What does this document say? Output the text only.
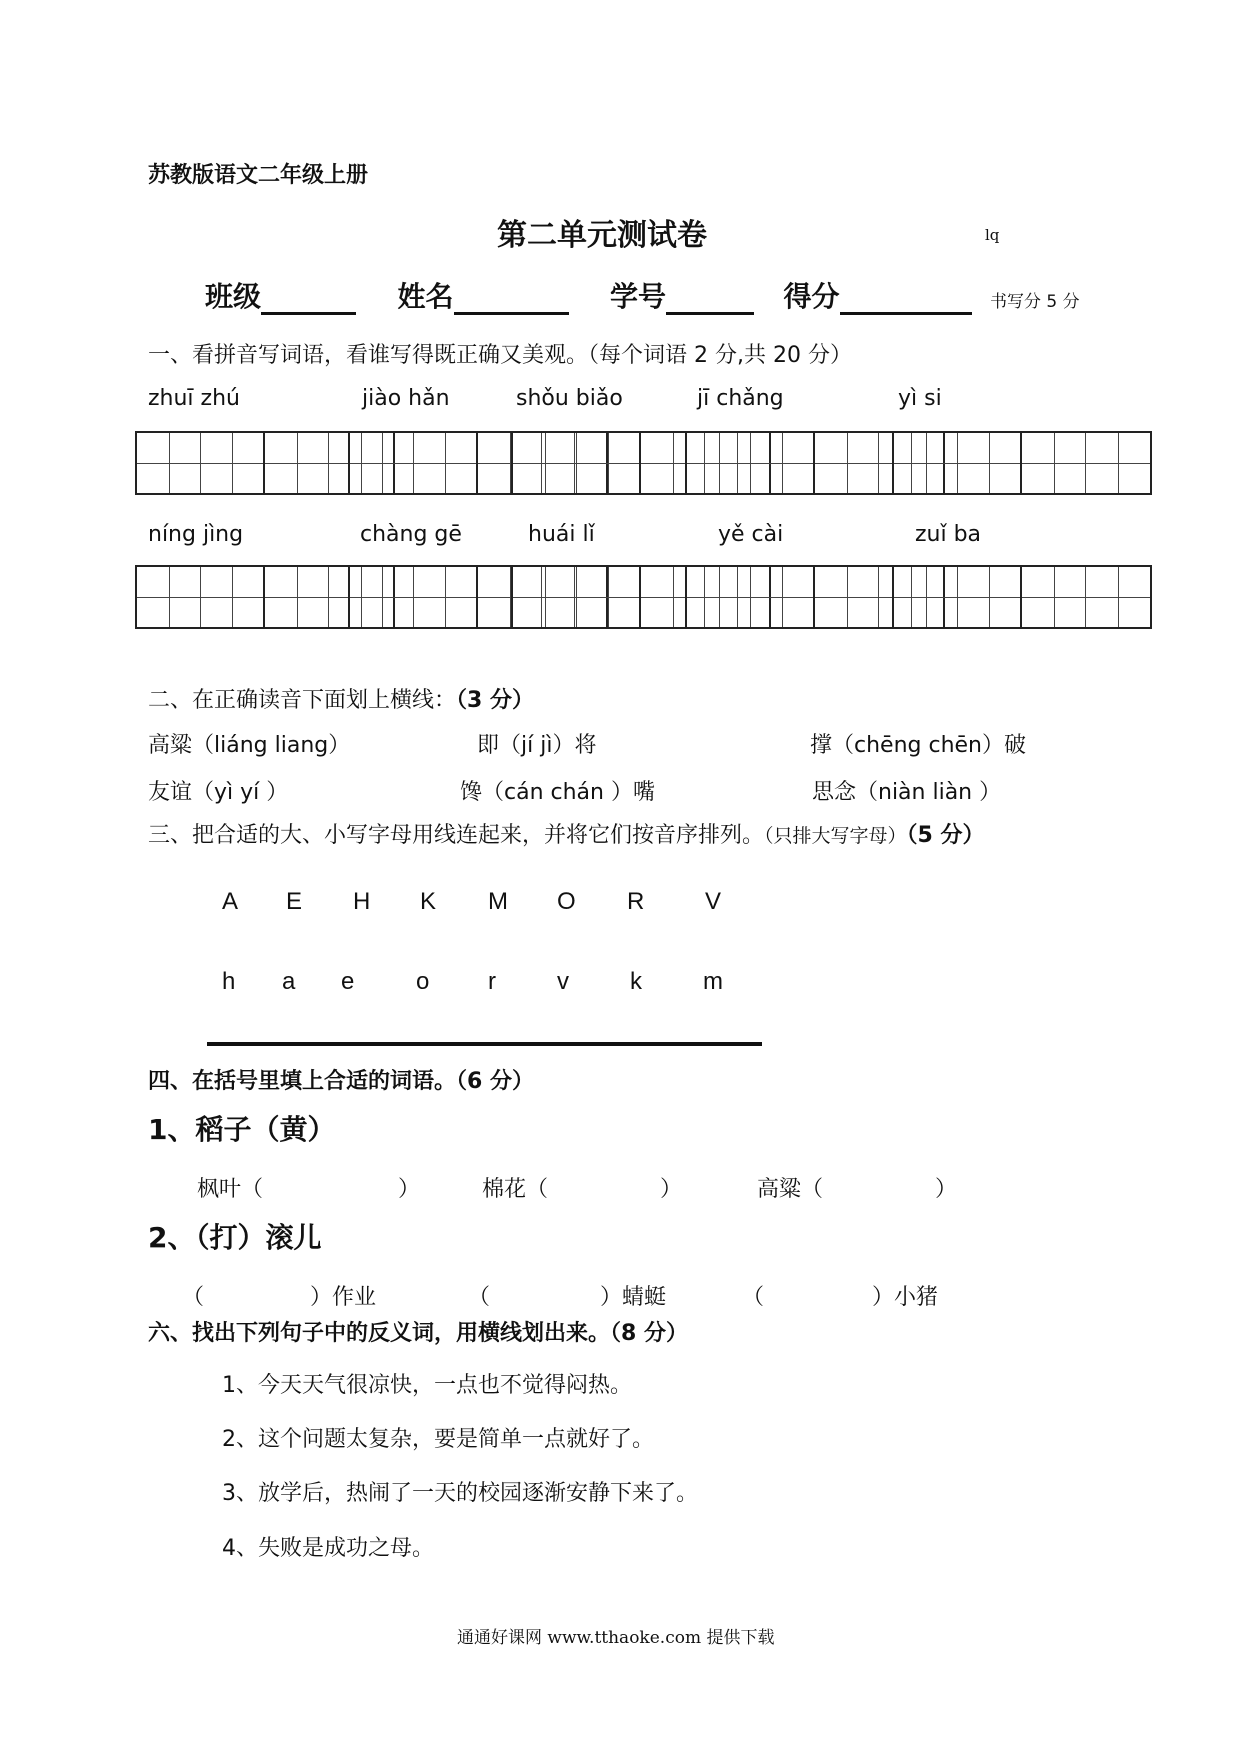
苏教版语文二年级上册
第二单元测试卷	lq
班级	姓名	学号	得分	书写分 5 分
一、看拼音写词语，看谁写得既正确又美观。（每个词语 2 分,共 20 分）
zhuī zhú	jiào hǎn	shǒu biǎo	jī chǎng	yì si
níng jìng	chàng gē	huái lǐ	yě cài	zuǐ ba
二、在正确读音下面划上横线：（3 分）
高粱（liáng liang）	即（jí jì）将	撑（chēng chēn）破
友谊（yì yí ）	馋（cán chán ）嘴	思念（niàn liàn ）
三、把合适的大、小写字母用线连起来，并将它们按音序排列。（只排大写字母）（5 分）
A E H K M O R	V
h a e	o r	v	k	m
四、在括号里填上合适的词语。（6 分）
1、稻子（黄）
枫叶（	）	棉花（	）	高粱（	）
2、（打）滚儿
（	）作业	（	）蜻蜓	（	）小猪
六、找出下列句子中的反义词，用横线划出来。（8 分）
1、今天天气很凉快，一点也不觉得闷热。
2、这个问题太复杂，要是简单一点就好了。
3、放学后，热闹了一天的校园逐渐安静下来了。
4、失败是成功之母。
通通好课网 www.tthaoke.com 提供下载
